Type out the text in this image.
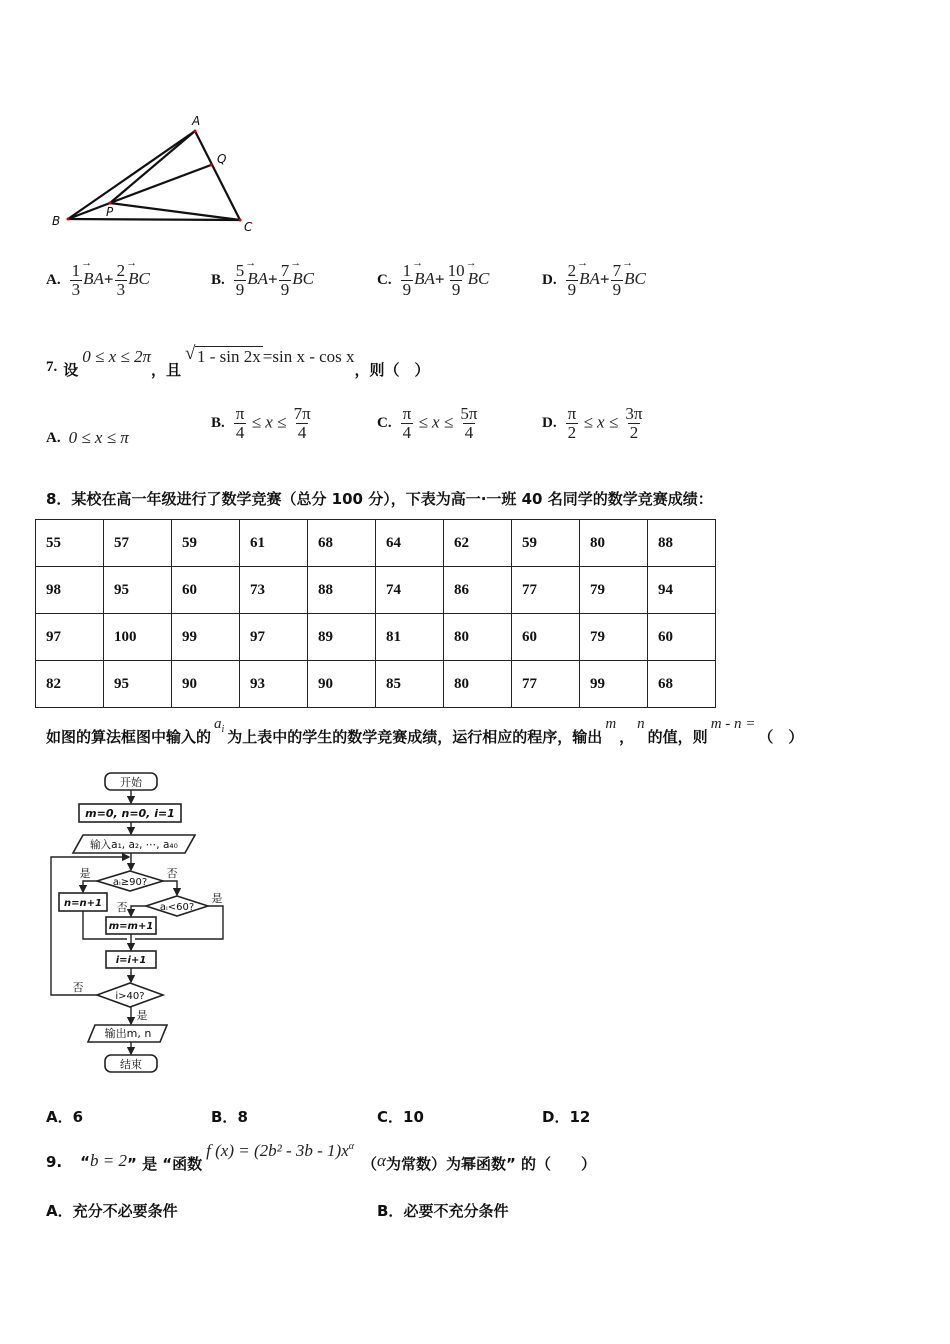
A
Q
B
P
C
A. $\frac{1}{3} \to BA+ \frac{2}{3}$ → BC	B. $\frac{5}{9} \to BA+ \frac{7}{9}$ → BC	C. $\frac{1}{9} \to BA+ \frac{10}{9}$ → BC	D. $\frac{2}{9} \to BA+ \frac{7}{9}$ → BC
7. 设
0 ≤ x ≤ 2π
，且
√ 1 - sin 2x =sin x - cos x
，则（　）
A. 0 ≤ x ≤ π
B. $\frac{\pi}{4} \le x \le \frac{7\pi}{4}$	C. $\frac{\pi}{4} \le x \le \frac{5\pi}{4}$	D. $\frac{\pi}{2} \le x \le \frac{3\pi}{2}$
8．某校在高一年级进行了数学竞赛（总分 100 分），下表为高一·一班 40 名同学的数学竞赛成绩：
55	57	59	61	68	64	62	59	80	88
98	95	60	73	88	74	86	77	79	94
97	100	99	97	89	81	80	60	79	60
82	95	90	93	90	85	80	77	99	68
如图的算法框图中输入的
$a_i$ 为上表中的学生的数学竞赛成绩，运行相应的程序，输出
m
，
n
的值，则
m - n =
（　）
开始
m=0, n=0, i=1
输入a₁, a₂, ⋯, a₄₀
aᵢ≥90?
是	否
n=n+1	aᵢ<60?
否
是
m=m+1
i=i+1
i>40?
否
是
输出m, n
结束
A． 6	B． 8	C． 10	D． 12
9. “ b = 2 ” 是 “函数
f $(x) = (2b^2 - 3b - 1)x^\alpha$
（ α 为常数）为幂函数” 的（　　）
A． 充分不必要条件	B． 必要不充分条件
